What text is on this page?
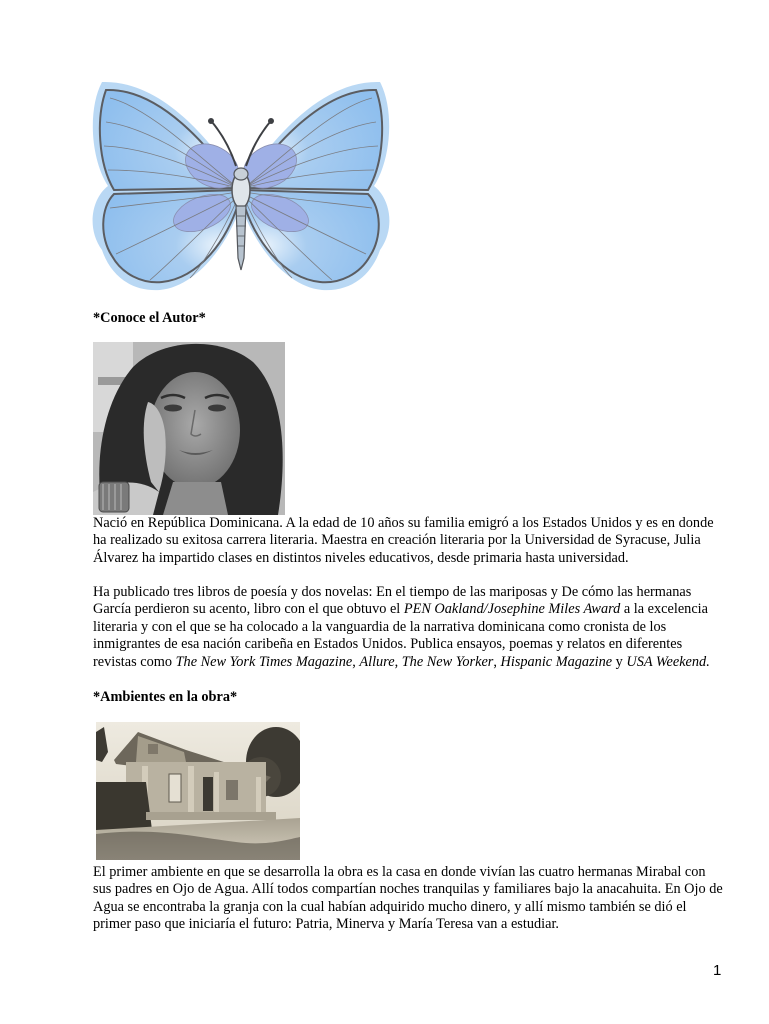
*Conoce el Autor*
Nació en República Dominicana. A la edad de 10 años su familia emigró a los Estados Unidos y es en donde
ha realizado su exitosa carrera literaria. Maestra en creación literaria por la Universidad de Syracuse, Julia
Álvarez ha impartido clases en distintos niveles educativos, desde primaria hasta universidad.
Ha publicado tres libros de poesía y dos novelas: En el tiempo de las mariposas y De cómo las hermanas
García perdieron su acento, libro con el que obtuvo el PEN Oakland/Josephine Miles Award a la excelencia
literaria y con el que se ha colocado a la vanguardia de la narrativa dominicana como cronista de los
inmigrantes de esa nación caribeña en Estados Unidos. Publica ensayos, poemas y relatos en diferentes
revistas como The New York Times Magazine, Allure, The New Yorker, Hispanic Magazine y USA Weekend.
*Ambientes en la obra*
El primer ambiente en que se desarrolla la obra es la casa en donde vivían las cuatro hermanas Mirabal con
sus padres en Ojo de Agua. Allí todos compartían noches tranquilas y familiares bajo la anacahuita. En Ojo de
Agua se encontraba la granja con la cual habían adquirido mucho dinero, y allí mismo también se dió el
primer paso que iniciaría el futuro: Patria, Minerva y María Teresa van a estudiar.
1
